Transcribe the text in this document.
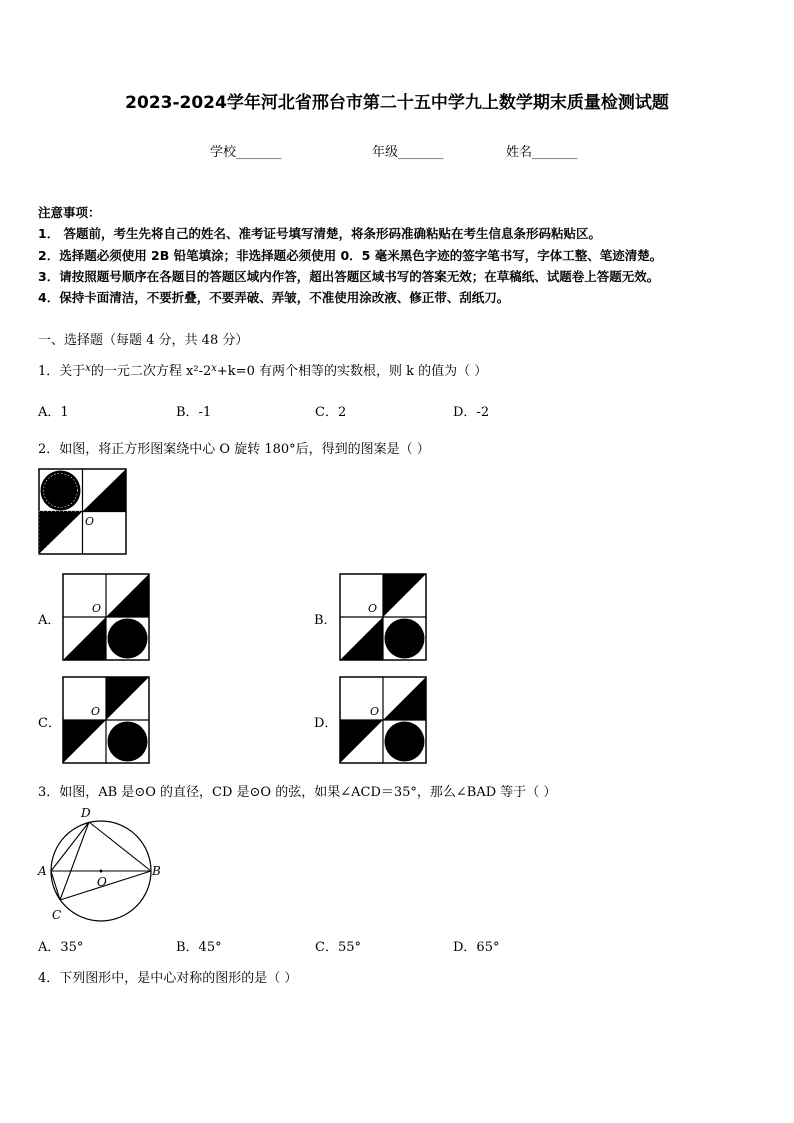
2023-2024学年河北省邢台市第二十五中学九上数学期末质量检测试题
学校_______	年级_______	姓名_______
注意事项：
1． 答题前，考生先将自己的姓名、准考证号填写清楚，将条形码准确粘贴在考生信息条形码粘贴区。
2．选择题必须使用 2B 铅笔填涂；非选择题必须使用 0．5 毫米黑色字迹的签字笔书写，字体工整、笔迹清楚。
3．请按照题号顺序在各题目的答题区域内作答，超出答题区域书写的答案无效；在草稿纸、试题卷上答题无效。
4．保持卡面清洁，不要折叠，不要弄破、弄皱，不准使用涂改液、修正带、刮纸刀。
一、选择题（每题 4 分，共 48 分）
1．关于$^x$的一元二次方程 $x^2-2^x+k=0$ 有两个相等的实数根，则 k 的值为（ ）
A．1	B．-1	C．2	D．-2
2．如图，将正方形图案绕中心 O 旋转 180°后，得到的图案是（ ）
O
A．
O
B．
O
C．
O
D．
O
3．如图，AB 是⊙O 的直径，CD 是⊙O 的弦，如果∠ACD＝35°，那么∠BAD 等于（ ）
A	B
C
D
O
A．35°	B．45°	C．55°	D．65°
4．下列图形中，是中心对称的图形的是（ ）
